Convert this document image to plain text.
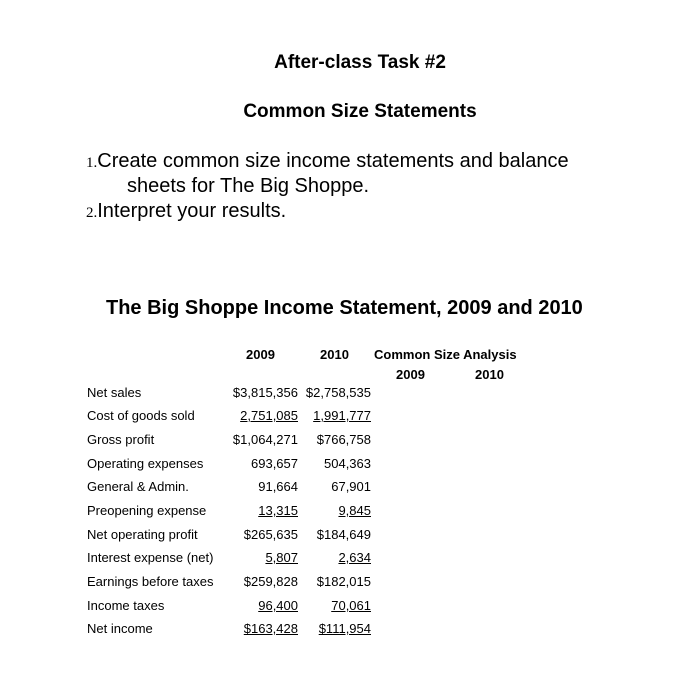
After-class Task #2
Common Size Statements
1.Create common size income statements and balance
sheets for The Big Shoppe.
2.Interpret your results.
The Big Shoppe Income Statement, 2009 and 2010
2009	2010 Common Size Analysis
2009	2010
Net sales	$3,815,356 $2,758,535
Cost of goods sold	2,751,085 1,991,777
Gross profit	$1,064,271 $766,758
Operating expenses	693,657 504,363
General & Admin.	91,664	67,901
Preopening expense	13,315	9,845
Net operating profit	$265,635 $184,649
Interest expense (net)	5,807	2,634
Earnings before taxes $259,828 $182,015
Income taxes	96,400	70,061
Net income	$163,428 $111,954
